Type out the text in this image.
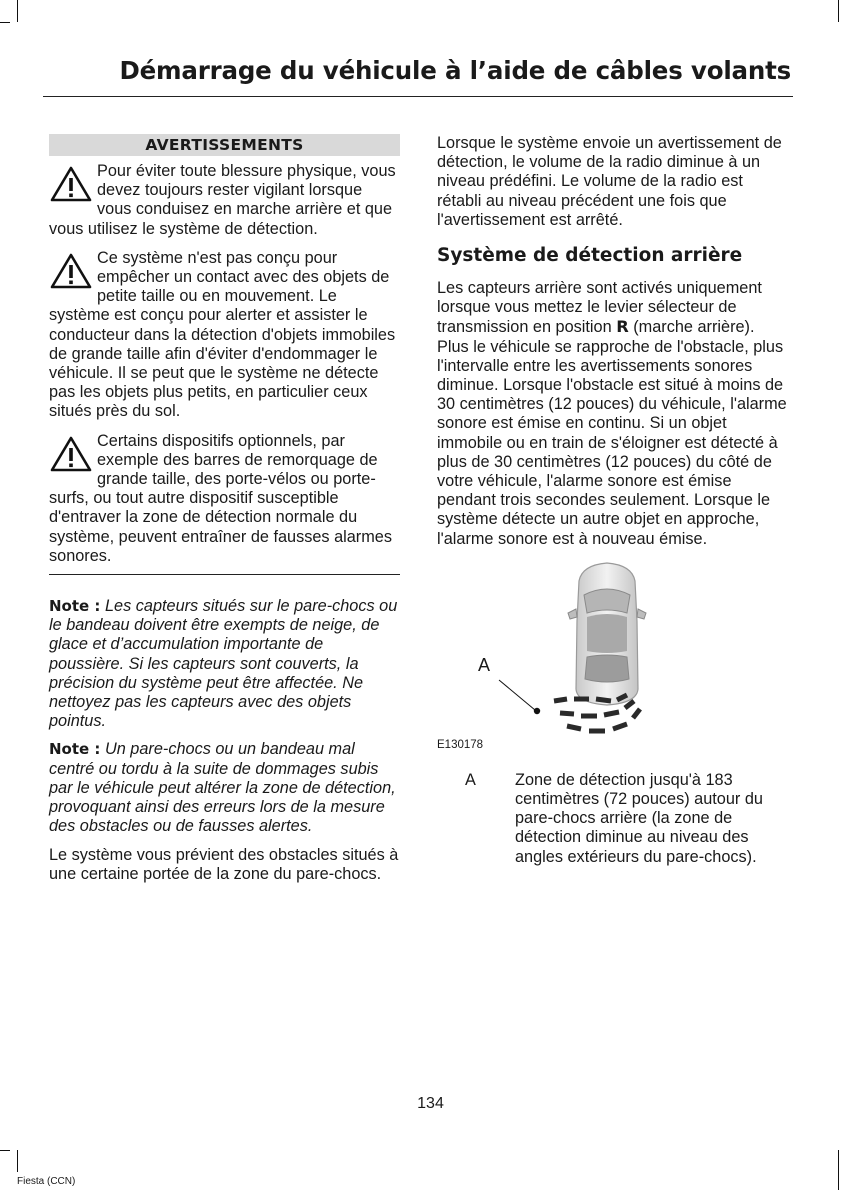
Démarrage du véhicule à l’aide de câbles volants
AVERTISSEMENTS

Pour éviter toute blessure physique, vous devez toujours rester vigilant lorsque vous conduisez en marche arrière et que vous utilisez le système de détection.

Ce système n'est pas conçu pour empêcher un contact avec des objets de petite taille ou en mouvement. Le système est conçu pour alerter et assister le conducteur dans la détection d'objets immobiles de grande taille afin d'éviter d'endommager le véhicule. Il se peut que le système ne détecte pas les objets plus petits, en particulier ceux situés près du sol.

Certains dispositifs optionnels, par exemple des barres de remorquage de grande taille, des porte-vélos ou porte-surfs, ou tout autre dispositif susceptible d'entraver la zone de détection normale du système, peuvent entraîner de fausses alarmes sonores.

Note : Les capteurs situés sur le pare-chocs ou le bandeau doivent être exempts de neige, de glace et d’accumulation importante de poussière. Si les capteurs sont couverts, la précision du système peut être affectée. Ne nettoyez pas les capteurs avec des objets pointus.

Note : Un pare-chocs ou un bandeau mal centré ou tordu à la suite de dommages subis par le véhicule peut altérer la zone de détection, provoquant ainsi des erreurs lors de la mesure des obstacles ou de fausses alertes.

Le système vous prévient des obstacles situés à une certaine portée de la zone du pare-chocs.

Lorsque le système envoie un avertissement de détection, le volume de la radio diminue à un niveau prédéfini. Le volume de la radio est rétabli au niveau précédent une fois que l'avertissement est arrêté.

Système de détection arrière

Les capteurs arrière sont activés uniquement lorsque vous mettez le levier sélecteur de transmission en position R (marche arrière). Plus le véhicule se rapproche de l'obstacle, plus l'intervalle entre les avertissements sonores diminue. Lorsque l'obstacle est situé à moins de 30 centimètres (12 pouces) du véhicule, l'alarme sonore est émise en continu. Si un objet immobile ou en train de s'éloigner est détecté à plus de 30 centimètres (12 pouces) du côté de votre véhicule, l'alarme sonore est émise pendant trois secondes seulement. Lorsque le système détecte un autre objet en approche, l'alarme sonore est à nouveau émise.

A

E130178

A	Zone de détection jusqu'à 183 centimètres (72 pouces) autour du pare-chocs arrière (la zone de détection diminue au niveau des angles extérieurs du pare-chocs).
134
Fiesta (CCN)
